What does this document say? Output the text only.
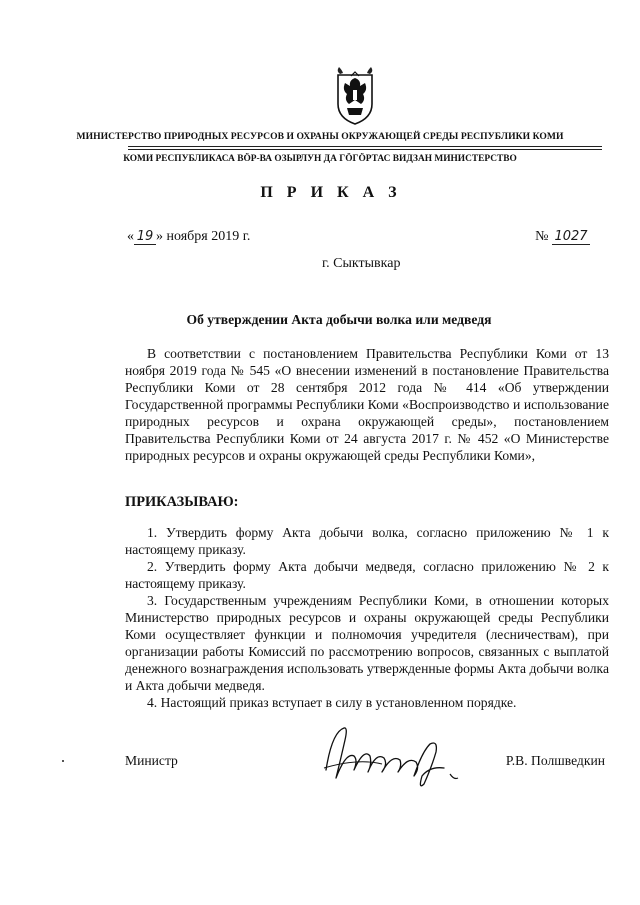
МИНИСТЕРСТВО ПРИРОДНЫХ РЕСУРСОВ И ОХРАНЫ ОКРУЖАЮЩЕЙ СРЕДЫ РЕСПУБЛИКИ КОМИ
КОМИ РЕСПУБЛИКАСА ВÖР-ВА ОЗЫРЛУН ДА ГÖГÖРТАС ВИДЗАН МИНИСТЕРСТВО
П Р И К А З
« 19 » ноября 2019 г.	№ 1027
г. Сыктывкар
Об утверждении Акта добычи волка или медведя

В соответствии с постановлением Правительства Республики Коми от 13 ноября 2019 года № 545 «О внесении изменений в постановление Правительства Республики Коми от 28 сентября 2012 года № 414 «Об утверждении Государственной программы Республики Коми «Воспроизводство и использование природных ресурсов и охрана окружающей среды», постановлением Правительства Республики Коми от 24 августа 2017 г. № 452 «О Министерстве природных ресурсов и охраны окружающей среды Республики Коми»,

ПРИКАЗЫВАЮ:

1. Утвердить форму Акта добычи волка, согласно приложению № 1 к настоящему приказу.

2. Утвердить форму Акта добычи медведя, согласно приложению № 2 к настоящему приказу.

3. Государственным учреждениям Республики Коми, в отношении которых Министерство природных ресурсов и охраны окружающей среды Республики Коми осуществляет функции и полномочия учредителя (лесничествам), при организации работы Комиссий по рассмотрению вопросов, связанных с выплатой денежного вознаграждения использовать утвержденные формы Акта добычи волка и Акта добычи медведя.

4. Настоящий приказ вступает в силу в установленном порядке.

Министр	Р.В. Полшведкин
